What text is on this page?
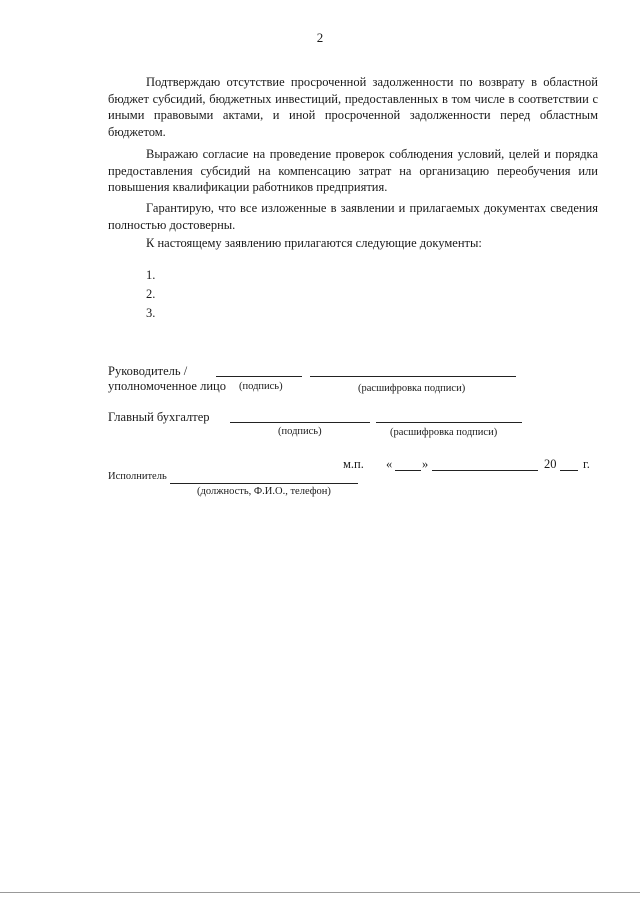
2

Подтверждаю отсутствие просроченной задолженности по возврату в областной бюджет субсидий, бюджетных инвестиций, предоставленных в том числе в соответствии с иными правовыми актами, и иной просроченной задолженности перед областным бюджетом.

Выражаю согласие на проведение проверок соблюдения условий, целей и порядка предоставления субсидий на компенсацию затрат на организацию переобучения или повышения квалификации работников предприятия.

Гарантирую, что все изложенные в заявлении и прилагаемых документах сведения полностью достоверны.

К настоящему заявлению прилагаются следующие документы:

1.
2.
3.
Руководитель /
уполномоченное лицо (подпись)	(расшифровка подписи)
Главный бухгалтер
(подпись)	(расшифровка подписи)
м.п. « »	20 г.
Исполнитель
(должность, Ф.И.О., телефон)
